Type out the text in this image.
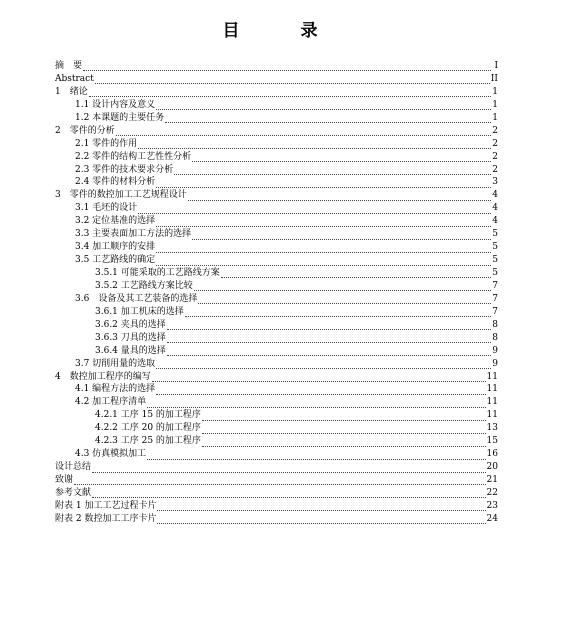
目　录
摘　要	I
Abstract	II
1　绪论	1
1.1 设计内容及意义	1
1.2 本课题的主要任务	1
2　零件的分析	2
2.1 零件的作用	2
2.2 零件的结构工艺性性分析	2
2.3 零件的技术要求分析	2
2.4 零件的材料分析	3
3　零件的数控加工工艺规程设计	4
3.1 毛坯的设计	4
3.2 定位基准的选择	4
3.3 主要表面加工方法的选择	5
3.4 加工顺序的安排	5
3.5 工艺路线的确定	5
3.5.1 可能采取的工艺路线方案	5
3.5.2 工艺路线方案比较	7
3.6　设备及其工艺装备的选择	7
3.6.1 加工机床的选择	7
3.6.2 夹具的选择	8
3.6.3 刀具的选择	8
3.6.4 量具的选择	9
3.7 切削用量的选取	9
4　数控加工程序的编写	11
4.1 编程方法的选择	11
4.2 加工程序清单	11
4.2.1 工序 15 的加工程序	11
4.2.2 工序 20 的加工程序	13
4.2.3 工序 25 的加工程序	15
4.3 仿真模拟加工	16
设计总结	20
致谢	21
参考文献	22
附表 1 加工工艺过程卡片	23
附表 2 数控加工工序卡片	24
